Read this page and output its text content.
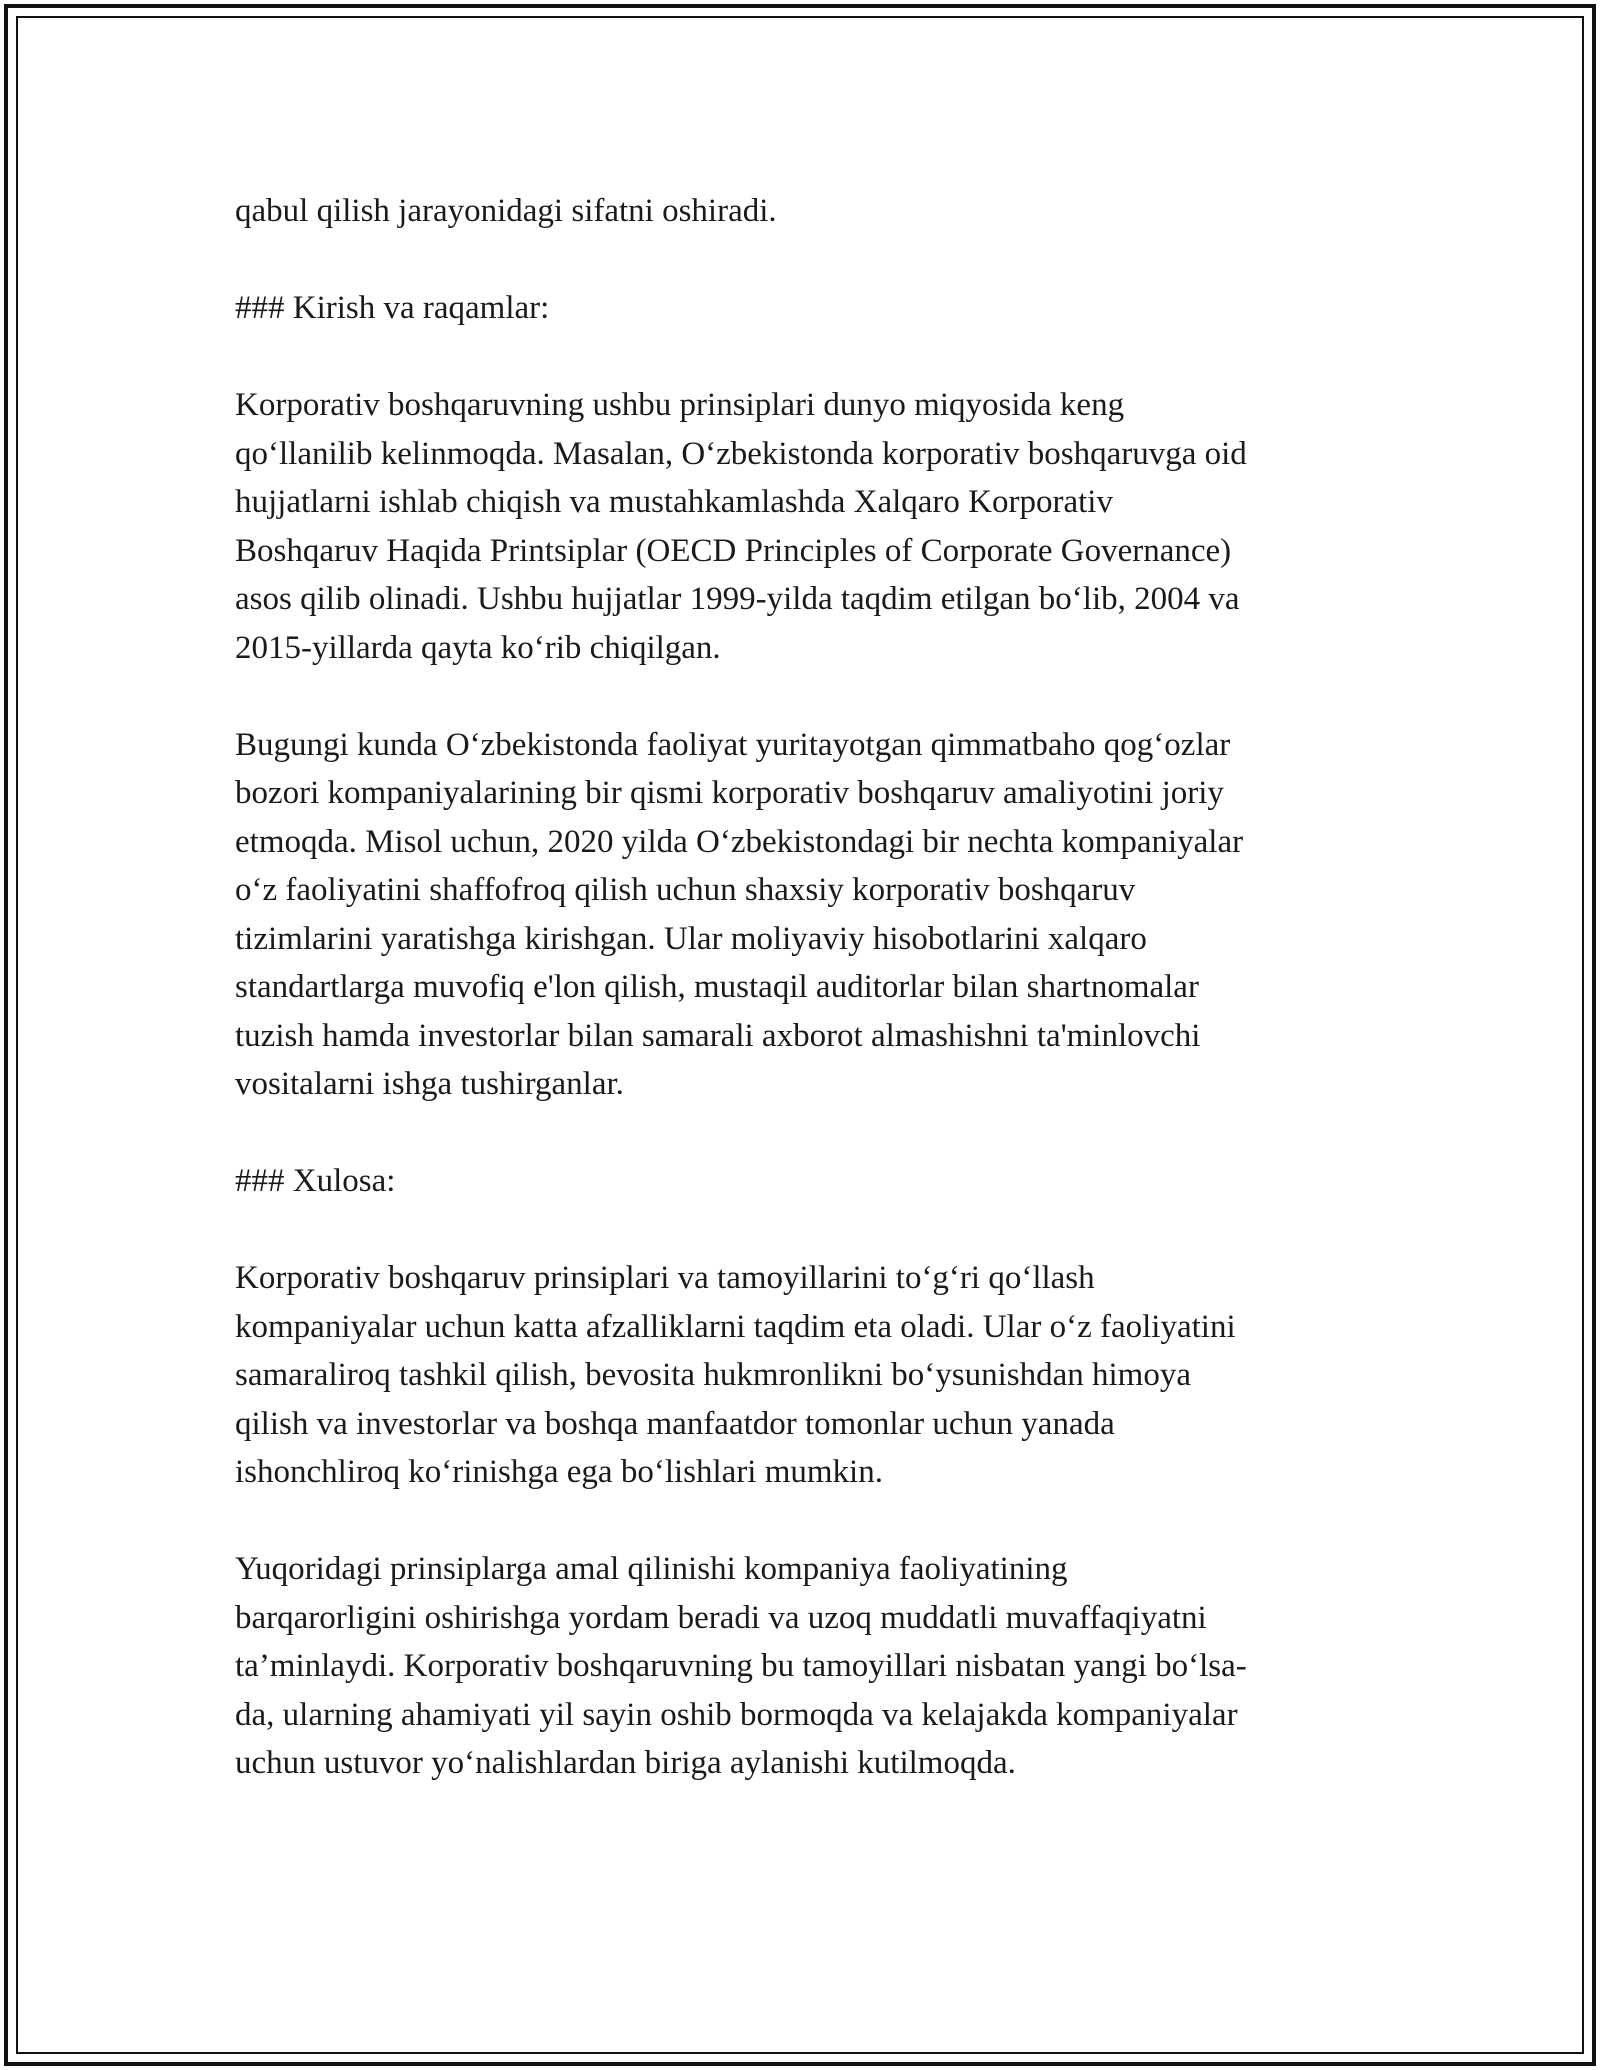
qabul qilish jarayonidagi sifatni oshiradi.
### Kirish va raqamlar:
Korporativ boshqaruvning ushbu prinsiplari dunyo miqyosida keng
qoʻllanilib kelinmoqda. Masalan, Oʻzbekistonda korporativ boshqaruvga oid
hujjatlarni ishlab chiqish va mustahkamlashda Xalqaro Korporativ
Boshqaruv Haqida Printsiplar (OECD Principles of Corporate Governance)
asos qilib olinadi. Ushbu hujjatlar 1999-yilda taqdim etilgan boʻlib, 2004 va
2015-yillarda qayta koʻrib chiqilgan.
Bugungi kunda Oʻzbekistonda faoliyat yuritayotgan qimmatbaho qogʻozlar
bozori kompaniyalarining bir qismi korporativ boshqaruv amaliyotini joriy
etmoqda. Misol uchun, 2020 yilda Oʻzbekistondagi bir nechta kompaniyalar
oʻz faoliyatini shaffofroq qilish uchun shaxsiy korporativ boshqaruv
tizimlarini yaratishga kirishgan. Ular moliyaviy hisobotlarini xalqaro
standartlarga muvofiq e'lon qilish, mustaqil auditorlar bilan shartnomalar
tuzish hamda investorlar bilan samarali axborot almashishni ta'minlovchi
vositalarni ishga tushirganlar.
### Xulosa:
Korporativ boshqaruv prinsiplari va tamoyillarini toʻgʻri qoʻllash
kompaniyalar uchun katta afzalliklarni taqdim eta oladi. Ular oʻz faoliyatini
samaraliroq tashkil qilish, bevosita hukmronlikni boʻysunishdan himoya
qilish va investorlar va boshqa manfaatdor tomonlar uchun yanada
ishonchliroq koʻrinishga ega boʻlishlari mumkin.
Yuqoridagi prinsiplarga amal qilinishi kompaniya faoliyatining
barqarorligini oshirishga yordam beradi va uzoq muddatli muvaffaqiyatni
ta’minlaydi. Korporativ boshqaruvning bu tamoyillari nisbatan yangi boʻlsa-
da, ularning ahamiyati yil sayin oshib bormoqda va kelajakda kompaniyalar
uchun ustuvor yoʻnalishlardan biriga aylanishi kutilmoqda.
